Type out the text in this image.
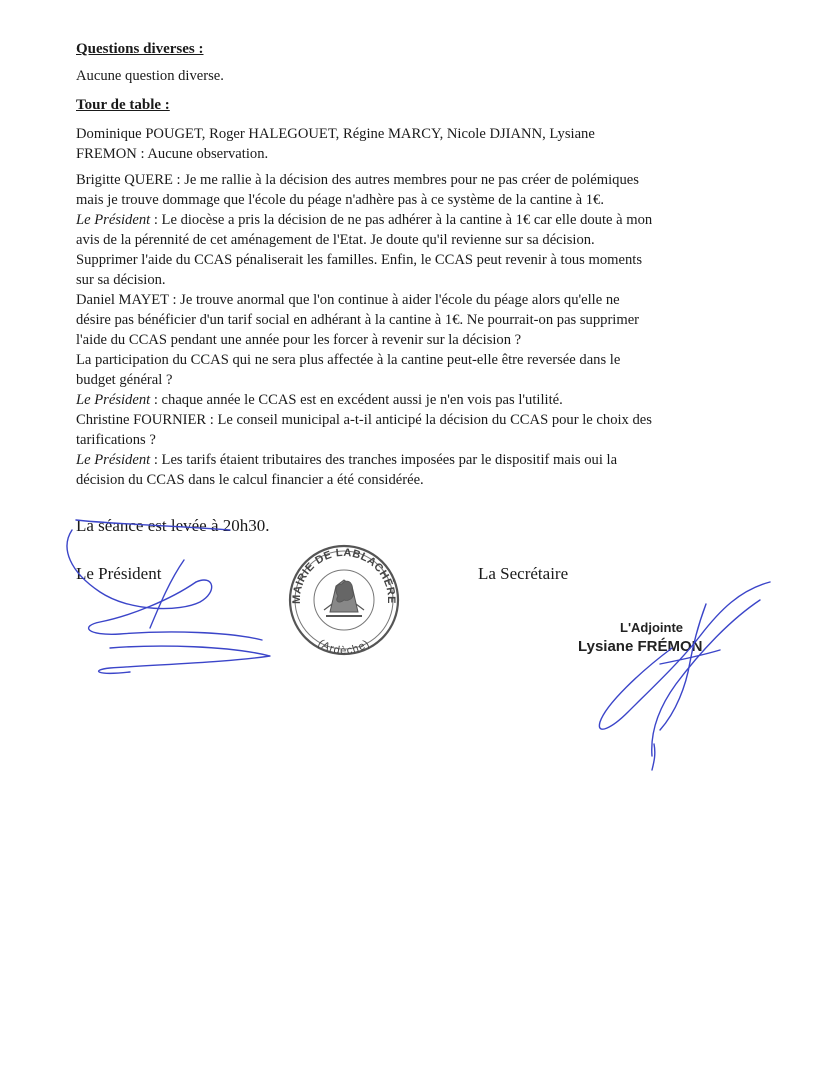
Questions diverses :

Aucune question diverse.

Tour de table :

Dominique POUGET, Roger HALEGOUET, Régine MARCY, Nicole DJIANN, Lysiane
FREMON : Aucune observation.

Brigitte QUERE : Je me rallie à la décision des autres membres pour ne pas créer de polémiques
mais je trouve dommage que l'école du péage n'adhère pas à ce système de la cantine à 1€.
Le Président : Le diocèse a pris la décision de ne pas adhérer à la cantine à 1€ car elle doute à mon
avis de la pérennité de cet aménagement de l'Etat. Je doute qu'il revienne sur sa décision.
Supprimer l'aide du CCAS pénaliserait les familles. Enfin, le CCAS peut revenir à tous moments
sur sa décision.
Daniel MAYET : Je trouve anormal que l'on continue à aider l'école du péage alors qu'elle ne
désire pas bénéficier d'un tarif social en adhérant à la cantine à 1€. Ne pourrait-on pas supprimer
l'aide du CCAS pendant une année pour les forcer à revenir sur la décision ?
La participation du CCAS qui ne sera plus affectée à la cantine peut-elle être reversée dans le
budget général ?
Le Président : chaque année le CCAS est en excédent aussi je n'en vois pas l'utilité.
Christine FOURNIER : Le conseil municipal a-t-il anticipé la décision du CCAS pour le choix des
tarifications ?
Le Président : Les tarifs étaient tributaires des tranches imposées par le dispositif mais oui la
décision du CCAS dans le calcul financier a été considérée.

La séance est levée à 20h30.

Le Président	La Secrétaire

L'Adjointe

Lysiane FRÉMON

MAIRIE DE LABLACHÈRE
(Ardèche)
